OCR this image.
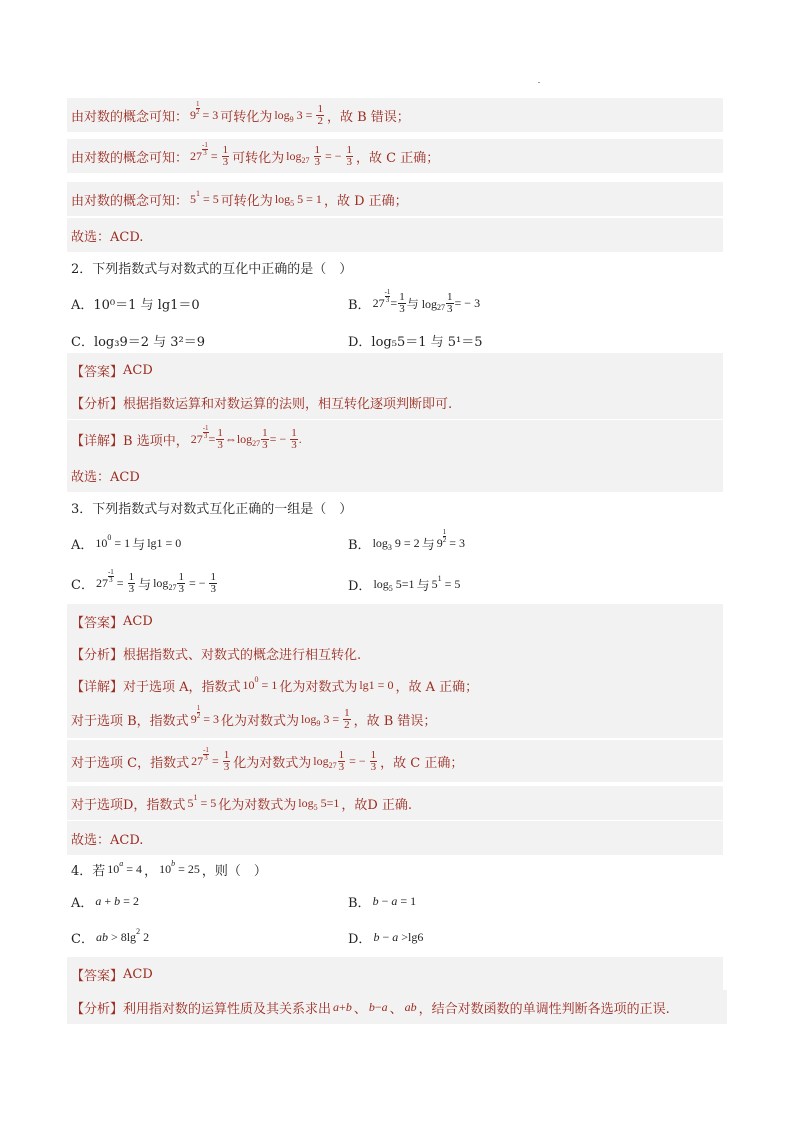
由对数的概念可知： 9
1
2 = 3 可转化为 log 9 $3 = \frac{1}{2}$ ，故 B 错误；
由对数的概念可知： 27
-1
$3 = \frac{1}{3}$ 可转化为 log 27
$\frac{1}{3}$ = − $\frac{1}{3}$ ，故 C 正确；
由对数的概念可知： 5 1 = 5 可转化为 log 5 5 = 1 ，故 D 正确；
故选：ACD.
2．下列指数式与对数式的互化中正确的是（　）
A．10⁰＝1 与 lg1＝0	B． 27
-1
$3 = \frac{1}{3}$ 与 $\log 27 \frac{1}{3}$ = − 3
C．log₃9＝2 与 3²＝9	D．log₅5＝1 与 5¹＝5
【答案】 ACD
【分析】 根据指数运算和对数运算的法则，相互转化逐项判断即可.
【详解】 B 选项中， 27
-1
$3 = \frac{1}{3}$ ⇔log $27 \frac{1}{3}$ = − $\frac{1}{3}$ .
故选：ACD
3．下列指数式与对数式互化正确的一组是（　）
A． 10 0 = 1 与 lg1 = 0	B． log 3 9 = 2 与 9
1
2 = 3
C． 27
-1
$3 = \frac{1}{3}$ 与 $\log 27 \frac{1}{3}$ = − $\frac{1}{3}$	D． log 5 5=1 与 5 1 = 5
【答案】 ACD
【分析】 根据指数式、对数式的概念进行相互转化.
【详解】 对于选项 A，指数式 10 0 = 1 化为对数式为 lg1 = 0 ，故 A 正确；
对于选项 B，指数式 9
1
2 = 3 化为对数式为 log 9 $3 = \frac{1}{2}$ ，故 B 错误；
对于选项 C，指数式 27
-1
$3 = \frac{1}{3}$ 化为对数式为 $\log 27 \frac{1}{3}$ = − $\frac{1}{3}$ ，故 C 正确；
对于选项D，指数式 5 1 = 5 化为对数式为 log 5 5=1 ，故D 正确.
故选：ACD.
4．若 10 a = 4 ， 10 b = 25 ，则（　）
A． a + b = 2	B． b − a = 1
C． ab > 8lg 2 2	D． b − a >lg6
【答案】 ACD
【分析】 利用指对数的运算性质及其关系求出 a + b 、 b − a 、 ab ，结合对数函数的单调性判断各选项的正误.
